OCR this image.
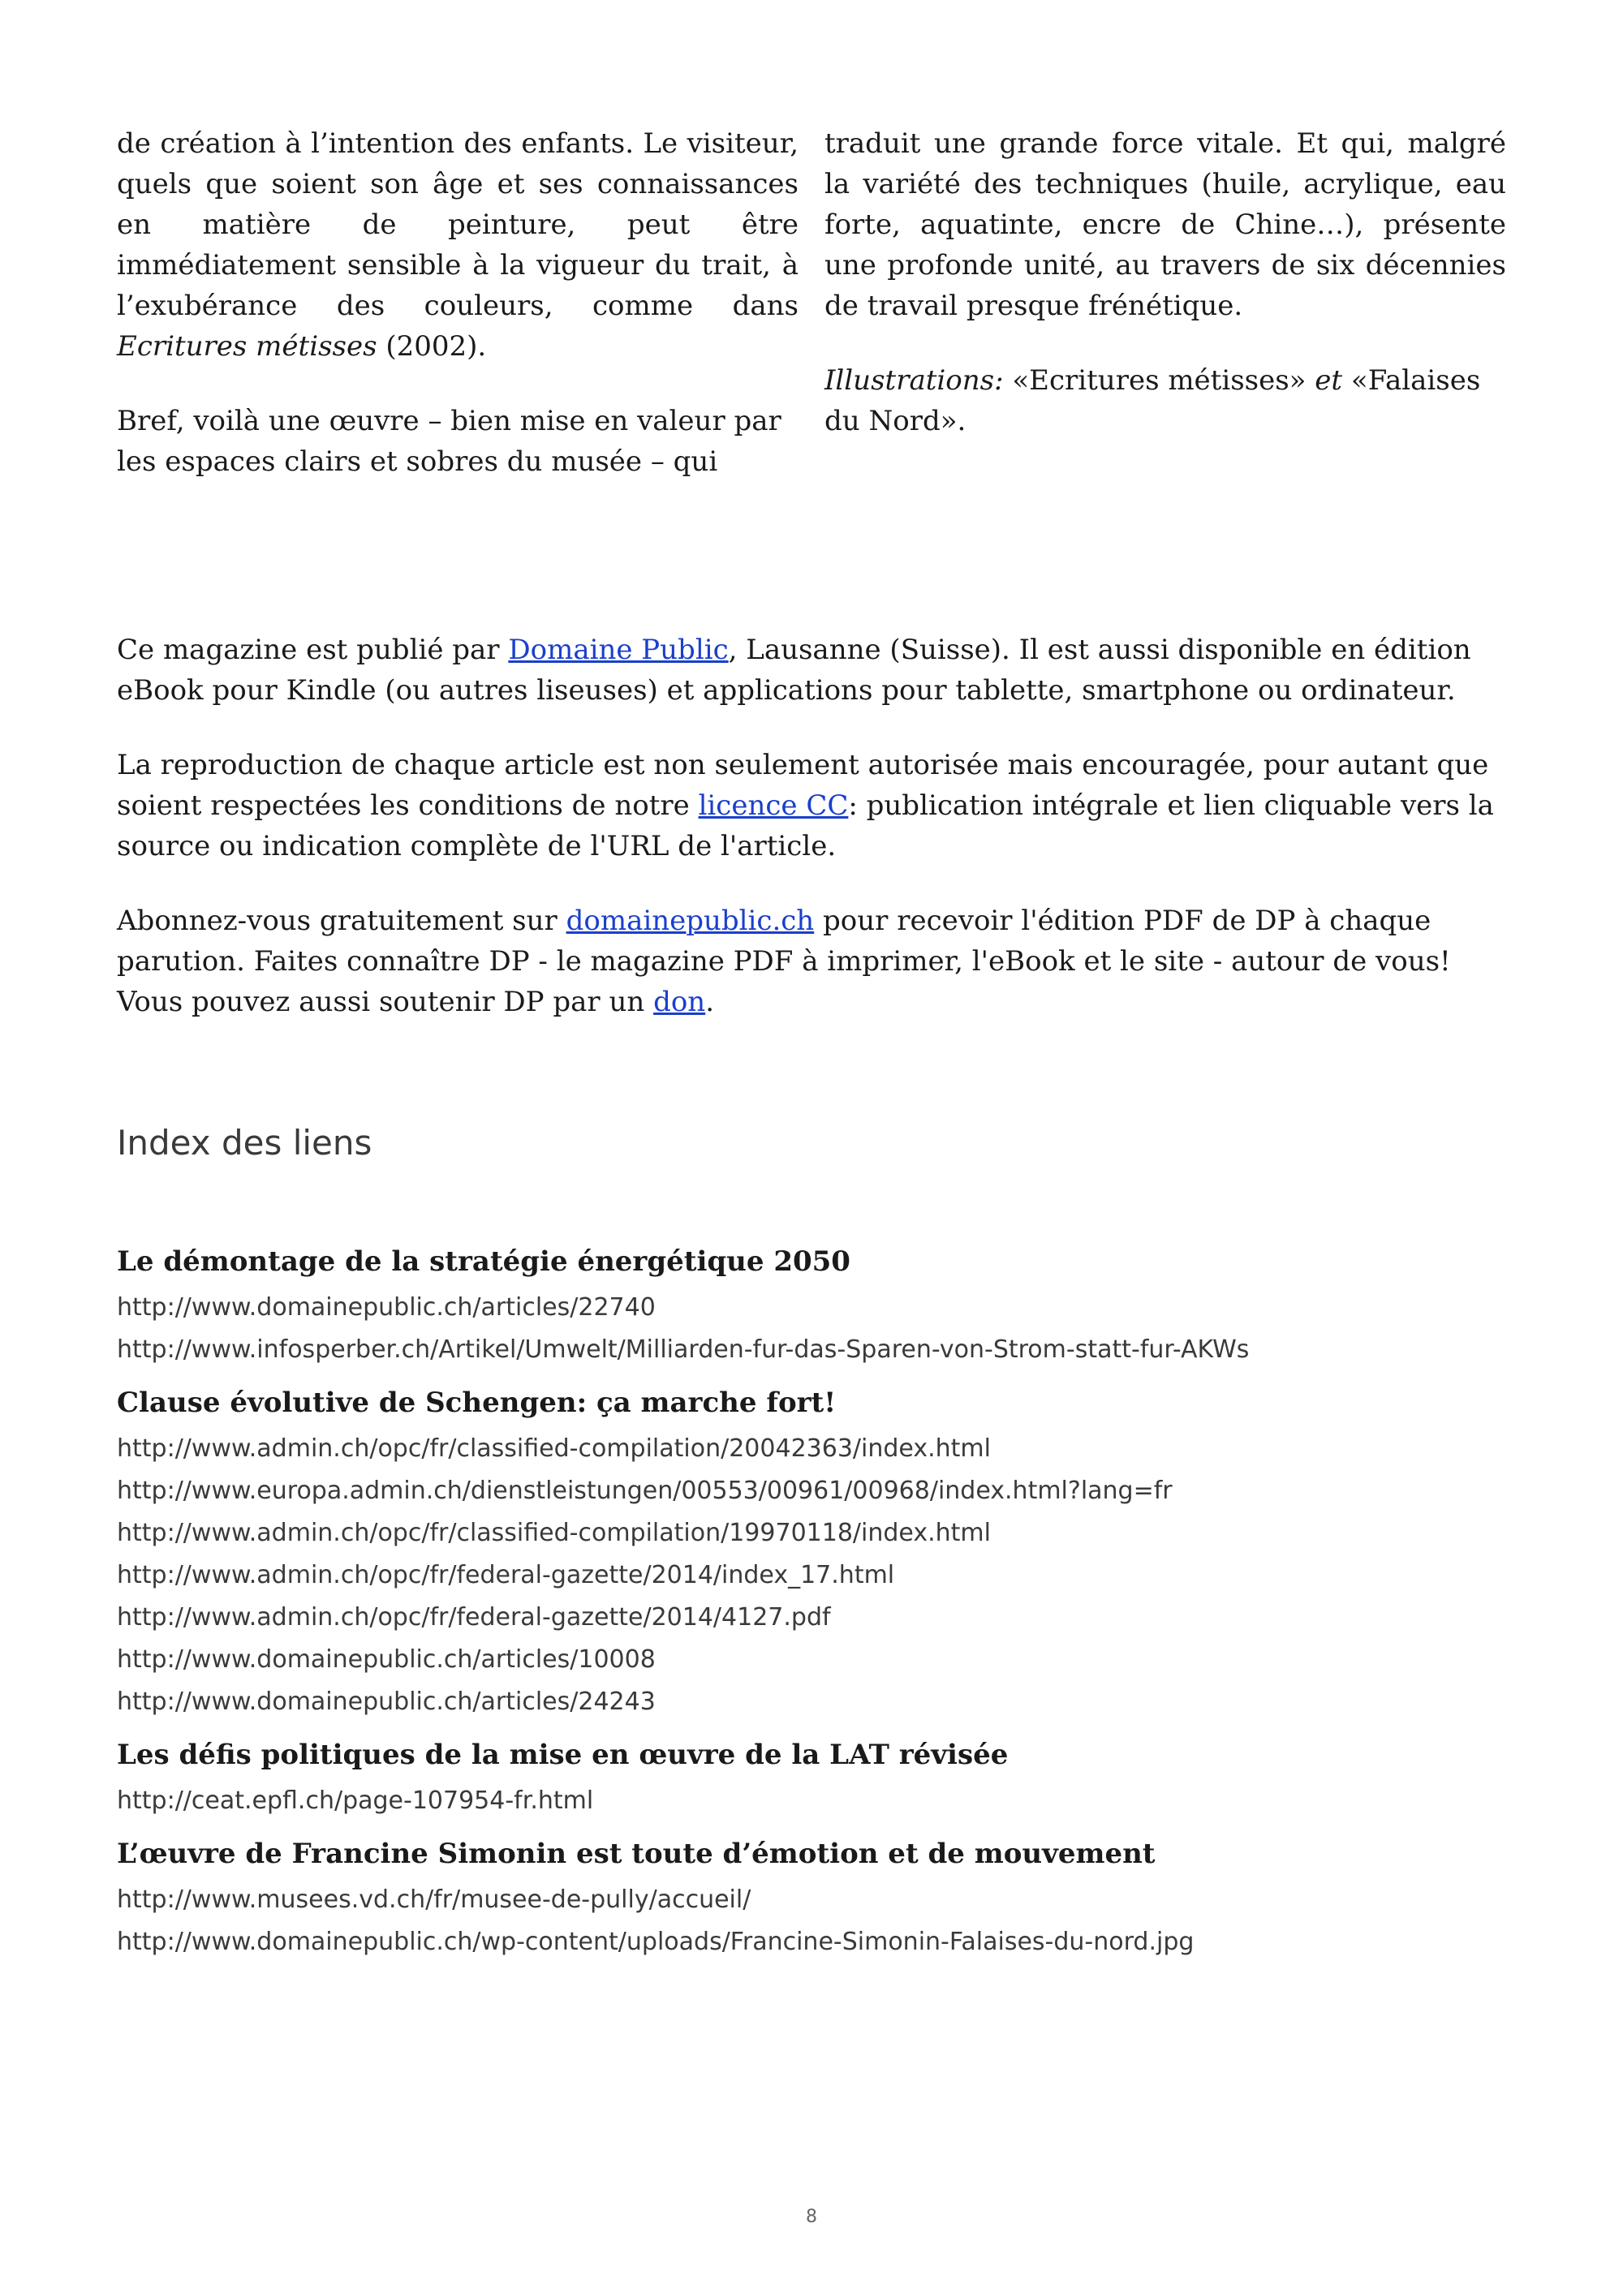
de création à l’intention des enfants. Le visiteur, quels que soient son âge et ses connaissances en matière de peinture, peut être immédiatement sensible à la vigueur du trait, à l’exubérance des couleurs, comme dans Ecritures métisses (2002).

Bref, voilà une œuvre – bien mise en valeur par les espaces clairs et sobres du musée – qui

traduit une grande force vitale. Et qui, malgré la variété des techniques (huile, acrylique, eau forte, aquatinte, encre de Chine…), présente une profonde unité, au travers de six décennies de travail presque frénétique.

Illustrations: «Ecritures métisses» et «Falaises du Nord».

Ce magazine est publié par Domaine Public, Lausanne (Suisse). Il est aussi disponible en édition eBook pour Kindle (ou autres liseuses) et applications pour tablette, smartphone ou ordinateur.

La reproduction de chaque article est non seulement autorisée mais encouragée, pour autant que soient respectées les conditions de notre licence CC: publication intégrale et lien cliquable vers la source ou indication complète de l'URL de l'article.

Abonnez-vous gratuitement sur domainepublic.ch pour recevoir l'édition PDF de DP à chaque parution. Faites connaître DP - le magazine PDF à imprimer, l'eBook et le site - autour de vous! Vous pouvez aussi soutenir DP par un don.

Index des liens
Le démontage de la stratégie énergétique 2050
http://www.domainepublic.ch/articles/22740
http://www.infosperber.ch/Artikel/Umwelt/Milliarden-fur-das-Sparen-von-Strom-statt-fur-AKWs
Clause évolutive de Schengen: ça marche fort!
http://www.admin.ch/opc/fr/classified-compilation/20042363/index.html
http://www.europa.admin.ch/dienstleistungen/00553/00961/00968/index.html?lang=fr
http://www.admin.ch/opc/fr/classified-compilation/19970118/index.html
http://www.admin.ch/opc/fr/federal-gazette/2014/index_17.html
http://www.admin.ch/opc/fr/federal-gazette/2014/4127.pdf
http://www.domainepublic.ch/articles/10008
http://www.domainepublic.ch/articles/24243
Les défis politiques de la mise en œuvre de la LAT révisée
http://ceat.epfl.ch/page-107954-fr.html
L’œuvre de Francine Simonin est toute d’émotion et de mouvement
http://www.musees.vd.ch/fr/musee-de-pully/accueil/
http://www.domainepublic.ch/wp-content/uploads/Francine-Simonin-Falaises-du-nord.jpg
8
